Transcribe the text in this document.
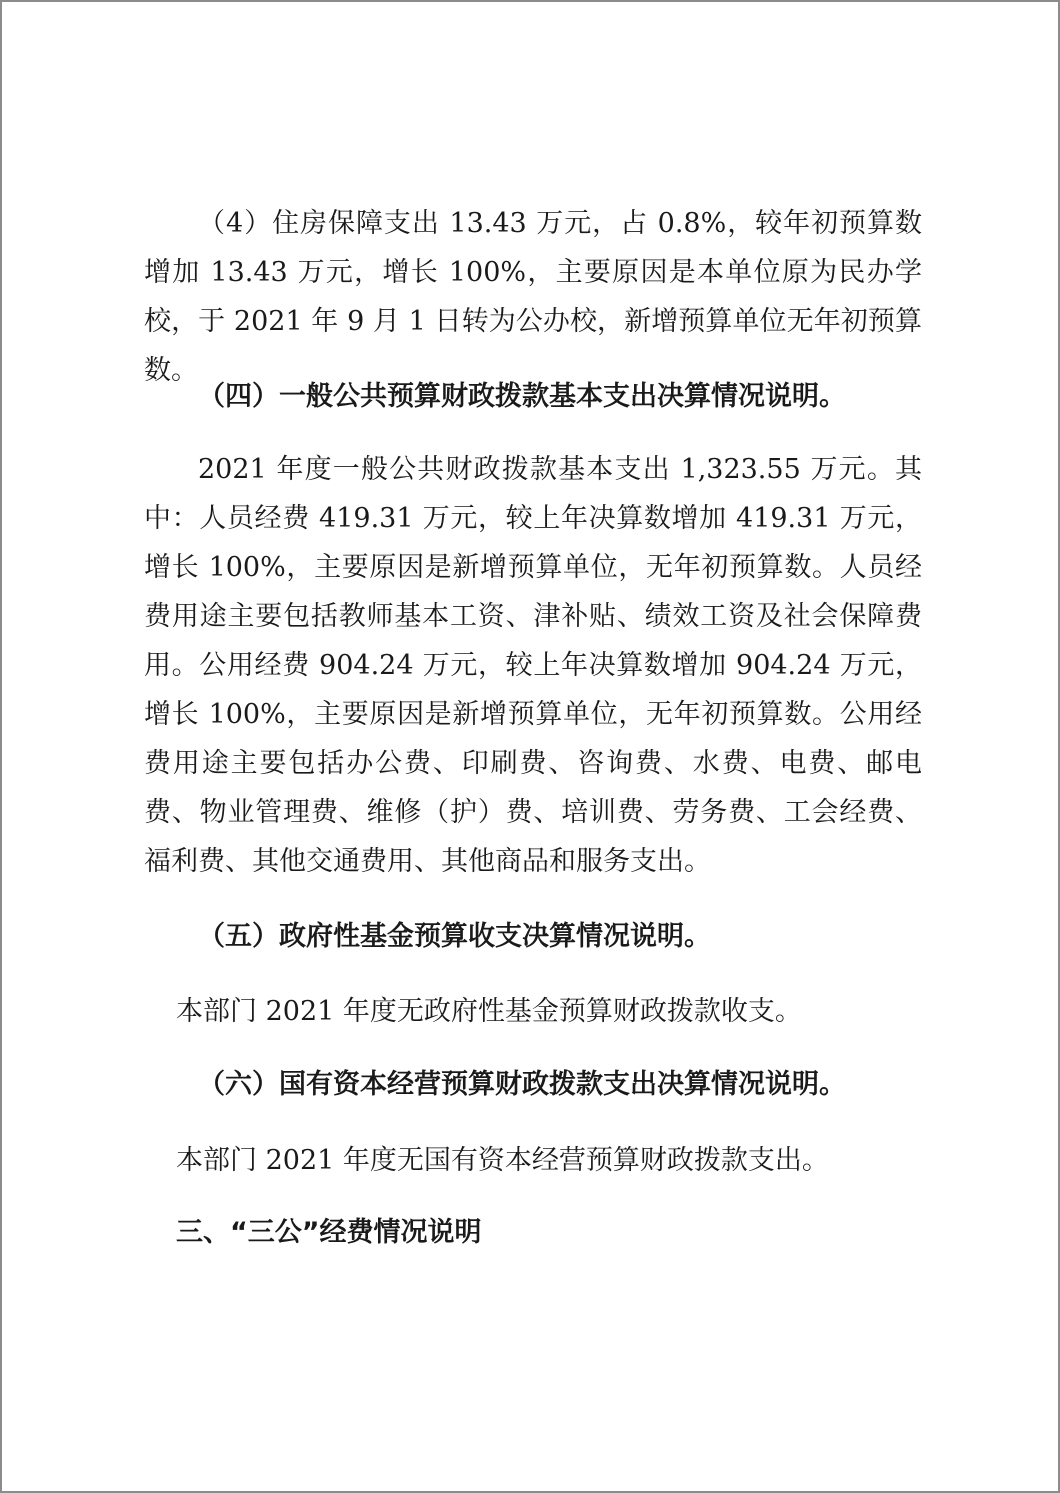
（4）住房保障支出 13.43 万元，占 0.8%，较年初预算数增加 13.43 万元，增长 100%，主要原因是本单位原为民办学校，于 2021 年 9 月 1 日转为公办校，新增预算单位无年初预算数。

（四）一般公共预算财政拨款基本支出决算情况说明。

2021 年度一般公共财政拨款基本支出 1,323.55 万元。其中：人员经费 419.31 万元，较上年决算数增加 419.31 万元，增长 100%，主要原因是新增预算单位，无年初预算数。人员经费用途主要包括教师基本工资、津补贴、绩效工资及社会保障费用。公用经费 904.24 万元，较上年决算数增加 904.24 万元，增长 100%，主要原因是新增预算单位，无年初预算数。公用经费用途主要包括办公费、印刷费、咨询费、水费、电费、邮电费、物业管理费、维修（护）费、培训费、劳务费、工会经费、福利费、其他交通费用、其他商品和服务支出。

（五）政府性基金预算收支决算情况说明。

本部门 2021 年度无政府性基金预算财政拨款收支。

（六）国有资本经营预算财政拨款支出决算情况说明。

本部门 2021 年度无国有资本经营预算财政拨款支出。

三、“三公”经费情况说明
